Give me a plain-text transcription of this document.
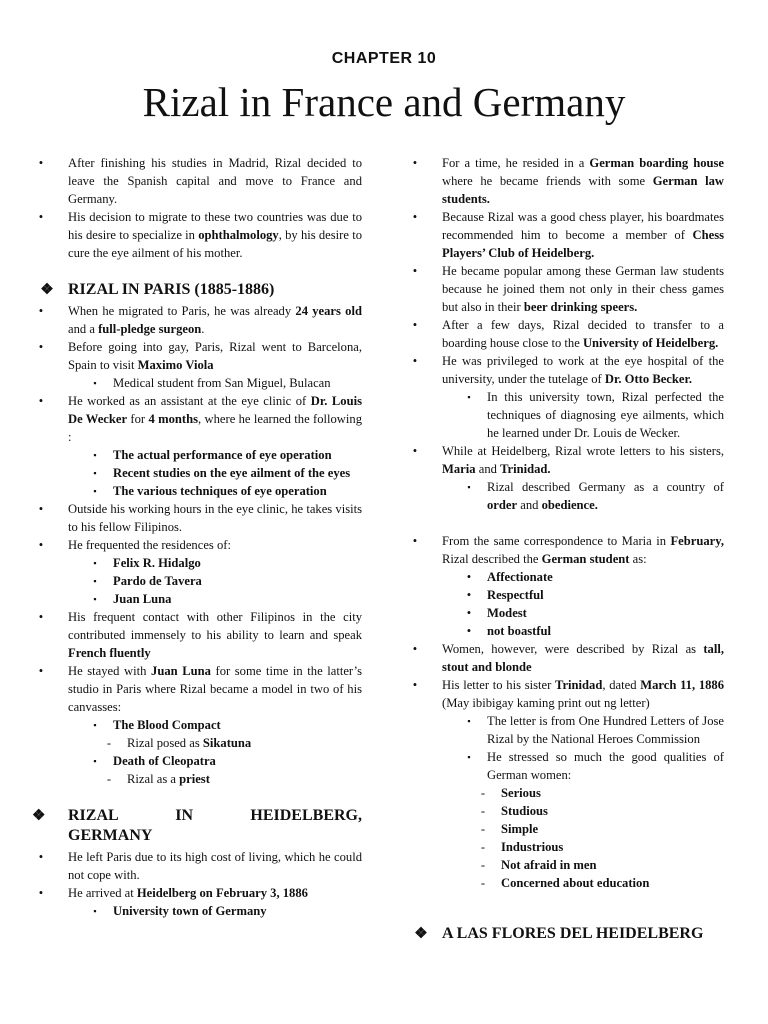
CHAPTER 10
Rizal in France and Germany
•	After finishing his studies in Madrid, Rizal decided to leave the Spanish capital and move to France and Germany.
•	His decision to migrate to these two countries was due to his desire to specialize in ophthalmology, by his desire to cure the eye ailment of his mother.
❖ RIZAL IN PARIS (1885-1886)
•	When he migrated to Paris, he was already 24 years old and a full-pledge surgeon.
•	Before going into gay, Paris, Rizal went to Barcelona, Spain to visit Maximo Viola
▪	Medical student from San Miguel, Bulacan
•	He worked as an assistant at the eye clinic of Dr. Louis De Wecker for 4 months, where he learned the following :
▪	The actual performance of eye operation
▪	Recent studies on the eye ailment of the eyes
▪	The various techniques of eye operation
•	Outside his working hours in the eye clinic, he takes visits to his fellow Filipinos.
•	He frequented the residences of:
▪	Felix R. Hidalgo
▪	Pardo de Tavera
▪	Juan Luna
•	His frequent contact with other Filipinos in the city contributed immensely to his ability to learn and speak French fluently
•	He stayed with Juan Luna for some time in the latter’s studio in Paris where Rizal became a model in two of his canvasses:
▪	The Blood Compact
-	Rizal posed as Sikatuna
▪	Death of Cleopatra
-	Rizal as a priest
❖	RIZAL IN HEIDELBERG,
GERMANY
•	He left Paris due to its high cost of living, which he could not cope with.
•	He arrived at Heidelberg on February 3, 1886
▪	University town of Germany
•	For a time, he resided in a German boarding house where he became friends with some German law students.
•	Because Rizal was a good chess player, his boardmates recommended him to become a member of Chess Players’ Club of Heidelberg.
•	He became popular among these German law students because he joined them not only in their chess games but also in their beer drinking speers.
•	After a few days, Rizal decided to transfer to a boarding house close to the University of Heidelberg.
•	He was privileged to work at the eye hospital of the university, under the tutelage of Dr. Otto Becker.
▪	In this university town, Rizal perfected the techniques of diagnosing eye ailments, which he learned under Dr. Louis de Wecker.
•	While at Heidelberg, Rizal wrote letters to his sisters, Maria and Trinidad.
▪	Rizal described Germany as a country of order and obedience.
•	From the same correspondence to Maria in February, Rizal described the German student as:
•	Affectionate
•	Respectful
•	Modest
•	not boastful
•	Women, however, were described by Rizal as tall, stout and blonde
•	His letter to his sister Trinidad, dated March 11, 1886 (May ibibigay kaming print out ng letter)
▪	The letter is from One Hundred Letters of Jose Rizal by the National Heroes Commission
▪	He stressed so much the good qualities of German women:
-	Serious
-	Studious
-	Simple
-	Industrious
-	Not afraid in men
-	Concerned about education
❖ A LAS FLORES DEL HEIDELBERG
